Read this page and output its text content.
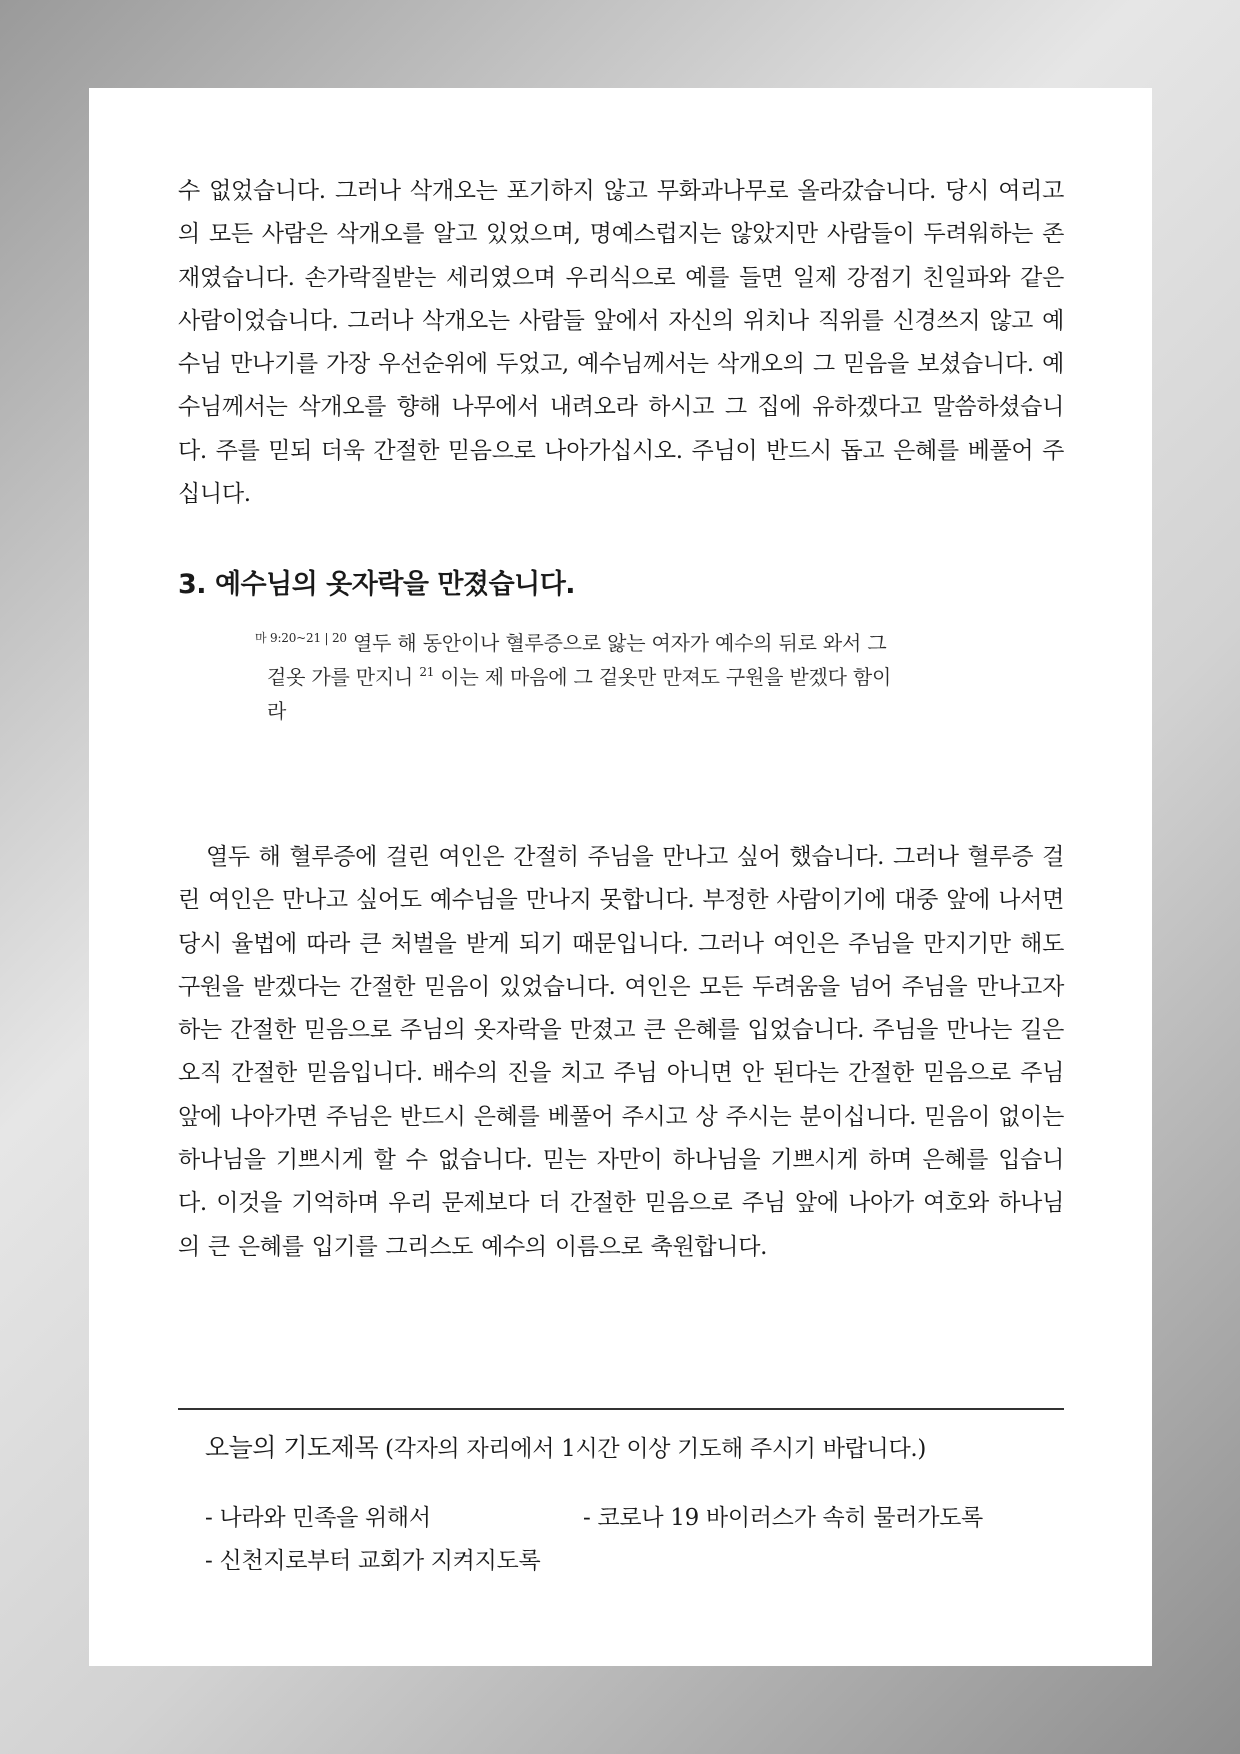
수 없었습니다. 그러나 삭개오는 포기하지 않고 무화과나무로 올라갔습니다. 당시 여리고의 모든 사람은 삭개오를 알고 있었으며, 명예스럽지는 않았지만 사람들이 두려워하는 존재였습니다. 손가락질받는 세리였으며 우리식으로 예를 들면 일제 강점기 친일파와 같은 사람이었습니다. 그러나 삭개오는 사람들 앞에서 자신의 위치나 직위를 신경쓰지 않고 예수님 만나기를 가장 우선순위에 두었고, 예수님께서는 삭개오의 그 믿음을 보셨습니다. 예수님께서는 삭개오를 향해 나무에서 내려오라 하시고 그 집에 유하겠다고 말씀하셨습니다. 주를 믿되 더욱 간절한 믿음으로 나아가십시오. 주님이 반드시 돕고 은혜를 베풀어 주십니다.

3. 예수님의 옷자락을 만졌습니다.
$^{마 9:20\sim 21 | 20}$ 열두 해 동안이나 혈루증으로 앓는 여자가 예수의 뒤로 와서 그
겉옷 가를 만지니 $^{21}$ 이는 제 마음에 그 겉옷만 만져도 구원을 받겠다 함이
라

열두 해 혈루증에 걸린 여인은 간절히 주님을 만나고 싶어 했습니다. 그러나 혈루증 걸린 여인은 만나고 싶어도 예수님을 만나지 못합니다. 부정한 사람이기에 대중 앞에 나서면 당시 율법에 따라 큰 처벌을 받게 되기 때문입니다. 그러나 여인은 주님을 만지기만 해도 구원을 받겠다는 간절한 믿음이 있었습니다. 여인은 모든 두려움을 넘어 주님을 만나고자 하는 간절한 믿음으로 주님의 옷자락을 만졌고 큰 은혜를 입었습니다. 주님을 만나는 길은 오직 간절한 믿음입니다. 배수의 진을 치고 주님 아니면 안 된다는 간절한 믿음으로 주님 앞에 나아가면 주님은 반드시 은혜를 베풀어 주시고 상 주시는 분이십니다. 믿음이 없이는 하나님을 기쁘시게 할 수 없습니다. 믿는 자만이 하나님을 기쁘시게 하며 은혜를 입습니다. 이것을 기억하며 우리 문제보다 더 간절한 믿음으로 주님 앞에 나아가 여호와 하나님의 큰 은혜를 입기를 그리스도 예수의 이름으로 축원합니다.

오늘의 기도제목 (각자의 자리에서 1시간 이상 기도해 주시기 바랍니다.)

- 나라와 민족을 위해서	- 코로나 19 바이러스가 속히 물러가도록

- 신천지로부터 교회가 지켜지도록
